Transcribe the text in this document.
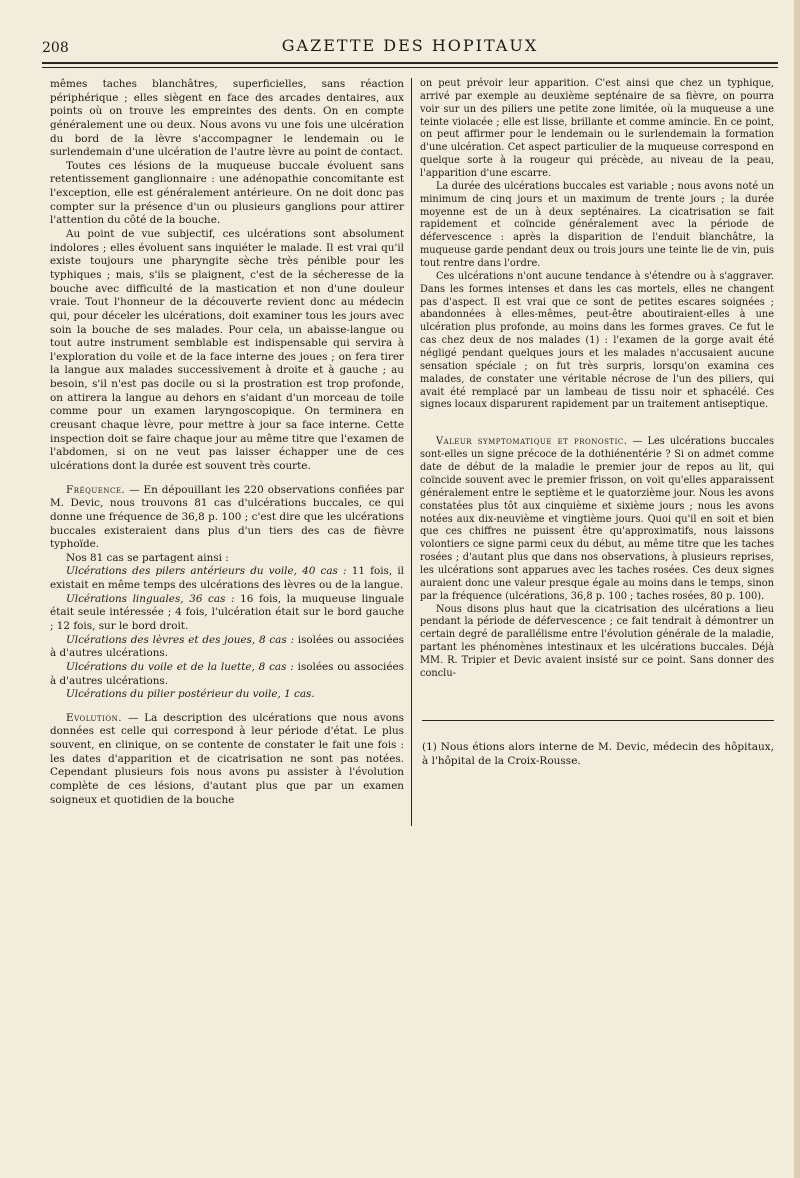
208	GAZETTE DES HOPITAUX

mêmes taches blanchâtres, superficielles, sans réaction périphérique ; elles siègent en face des arcades dentaires, aux points où on trouve les empreintes des dents. On en compte généralement une ou deux. Nous avons vu une fois une ulcération du bord de la lèvre s'accompagner le lendemain ou le surlendemain d'une ulcération de l'autre lèvre au point de contact.

Toutes ces lésions de la muqueuse buccale évoluent sans retentissement ganglionnaire : une adénopathie concomitante est l'exception, elle est généralement antérieure. On ne doit donc pas compter sur la présence d'un ou plusieurs ganglions pour attirer l'attention du côté de la bouche.

Au point de vue subjectif, ces ulcérations sont absolument indolores ; elles évoluent sans inquiéter le malade. Il est vrai qu'il existe toujours une pharyngite sèche très pénible pour les typhiques ; mais, s'ils se plaignent, c'est de la sécheresse de la bouche avec difficulté de la mastication et non d'une douleur vraie. Tout l'honneur de la découverte revient donc au médecin qui, pour déceler les ulcérations, doit examiner tous les jours avec soin la bouche de ses malades. Pour cela, un abaisse-langue ou tout autre instrument semblable est indispensable qui servira à l'exploration du voile et de la face interne des joues ; on fera tirer la langue aux malades successivement à droite et à gauche ; au besoin, s'il n'est pas docile ou si la prostration est trop profonde, on attirera la langue au dehors en s'aidant d'un morceau de toile comme pour un examen laryngoscopique. On terminera en creusant chaque lèvre, pour mettre à jour sa face interne. Cette inspection doit se faire chaque jour au même titre que l'examen de l'abdomen, si on ne veut pas laisser échapper une de ces ulcérations dont la durée est souvent très courte.

Fréquence. — En dépouillant les 220 observations confiées par M. Devic, nous trouvons 81 cas d'ulcérations buccales, ce qui donne une fréquence de 36,8 p. 100 ; c'est dire que les ulcérations buccales existeraient dans plus d'un tiers des cas de fièvre typhoïde.

Nos 81 cas se partagent ainsi :

Ulcérations des pilers antérieurs du voile, 40 cas : 11 fois, il existait en même temps des ulcérations des lèvres ou de la langue.

Ulcérations linguales, 36 cas : 16 fois, la muqueuse linguale était seule intéressée ; 4 fois, l'ulcération était sur le bord gauche ; 12 fois, sur le bord droit.

Ulcérations des lèvres et des joues, 8 cas : isolées ou associées à d'autres ulcérations.

Ulcérations du voile et de la luette, 8 cas : isolées ou associées à d'autres ulcérations.

Ulcérations du pilier postérieur du voile, 1 cas.

Evolution. — La description des ulcérations que nous avons données est celle qui correspond à leur période d'état. Le plus souvent, en clinique, on se contente de constater le fait une fois : les dates d'apparition et de cicatrisation ne sont pas notées. Cependant plusieurs fois nous avons pu assister à l'évolution complète de ces lésions, d'autant plus que par un examen soigneux et quotidien de la bouche

on peut prévoir leur apparition. C'est ainsi que chez un typhique, arrivé par exemple au deuxième septénaire de sa fièvre, on pourra voir sur un des piliers une petite zone limitée, où la muqueuse a une teinte violacée ; elle est lisse, brillante et comme amincie. En ce point, on peut affirmer pour le lendemain ou le surlendemain la formation d'une ulcération. Cet aspect particulier de la muqueuse correspond en quelque sorte à la rougeur qui précède, au niveau de la peau, l'apparition d'une escarre.

La durée des ulcérations buccales est variable ; nous avons noté un minimum de cinq jours et un maximum de trente jours ; la durée moyenne est de un à deux septénaires. La cicatrisation se fait rapidement et coïncide généralement avec la période de défervescence : après la disparition de l'enduit blanchâtre, la muqueuse garde pendant deux ou trois jours une teinte lie de vin, puis tout rentre dans l'ordre.

Ces ulcérations n'ont aucune tendance à s'étendre ou à s'aggraver. Dans les formes intenses et dans les cas mortels, elles ne changent pas d'aspect. Il est vrai que ce sont de petites escares soignées ; abandonnées à elles-mêmes, peut-être aboutiraient-elles à une ulcération plus profonde, au moins dans les formes graves. Ce fut le cas chez deux de nos malades (1) : l'examen de la gorge avait été négligé pendant quelques jours et les malades n'accusaient aucune sensation spéciale ; on fut très surpris, lorsqu'on examina ces malades, de constater une véritable nécrose de l'un des piliers, qui avait été remplacé par un lambeau de tissu noir et sphacélé. Ces signes locaux disparurent rapidement par un traitement antiseptique.

Valeur symptomatique et pronostic. — Les ulcérations buccales sont-elles un signe précoce de la dothiénentérie ? Si on admet comme date de début de la maladie le premier jour de repos au lit, qui coïncide souvent avec le premier frisson, on voit qu'elles apparaissent généralement entre le septième et le quatorzième jour. Nous les avons constatées plus tôt aux cinquième et sixième jours ; nous les avons notées aux dix-neuvième et vingtième jours. Quoi qu'il en soit et bien que ces chiffres ne puissent être qu'approximatifs, nous laissons volontiers ce signe parmi ceux du début, au même titre que les taches rosées ; d'autant plus que dans nos observations, à plusieurs reprises, les ulcérations sont apparues avec les taches rosées. Ces deux signes auraient donc une valeur presque égale au moins dans le temps, sinon par la fréquence (ulcérations, 36,8 p. 100 ; taches rosées, 80 p. 100).

Nous disons plus haut que la cicatrisation des ulcérations a lieu pendant la période de défervescence ; ce fait tendrait à démontrer un certain degré de parallélisme entre l'évolution générale de la maladie, partant les phénomènes intestinaux et les ulcérations buccales. Déjà MM. R. Tripier et Devic avaient insisté sur ce point. Sans donner des conclu-

(1) Nous étions alors interne de M. Devic, médecin des hôpitaux, à l'hôpital de la Croix-Rousse.
